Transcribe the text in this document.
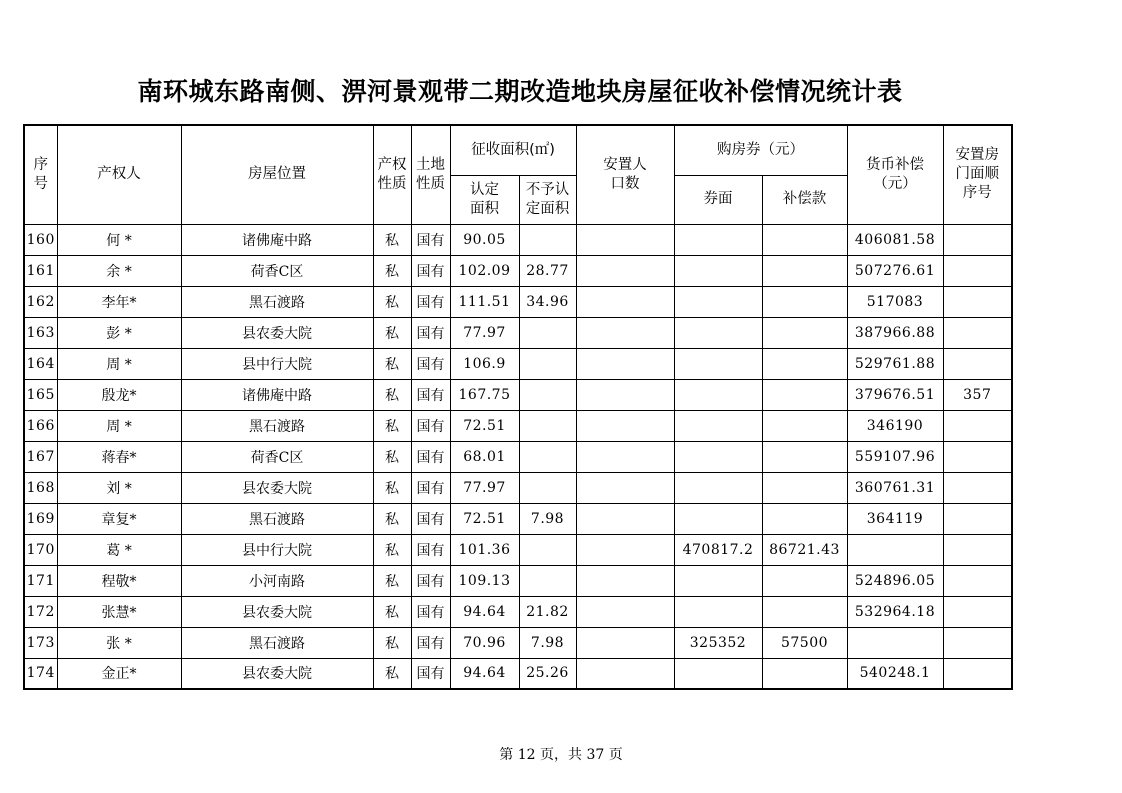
南环城东路南侧、淠河景观带二期改造地块房屋征收补偿情况统计表
序号	产权人	房屋位置	产权性质	土地性质	征收面积(㎡)		安置人口数	购房券（元）		货币补偿（元）	安置房门面顺序号
					认定面积	不予认定面积		券面	补偿款		
160	何 *	诸佛庵中路	私	国有	90.05					406081.58	
161	余 *	荷香C区	私	国有	102.09	28.77				507276.61	
162	李年*	黑石渡路	私	国有	111.51	34.96				517083	
163	彭 *	县农委大院	私	国有	77.97					387966.88	
164	周 *	县中行大院	私	国有	106.9					529761.88	
165	殷龙*	诸佛庵中路	私	国有	167.75					379676.51	357
166	周 *	黑石渡路	私	国有	72.51					346190	
167	蒋春*	荷香C区	私	国有	68.01					559107.96	
168	刘 *	县农委大院	私	国有	77.97					360761.31	
169	章复*	黑石渡路	私	国有	72.51	7.98				364119	
170	葛 *	县中行大院	私	国有	101.36			470817.2	86721.43		
171	程敬*	小河南路	私	国有	109.13					524896.05	
172	张慧*	县农委大院	私	国有	94.64	21.82				532964.18	
173	张 *	黑石渡路	私	国有	70.96	7.98		325352	57500		
174	金正*	县农委大院	私	国有	94.64	25.26				540248.1	
第 12 页，共 37 页
